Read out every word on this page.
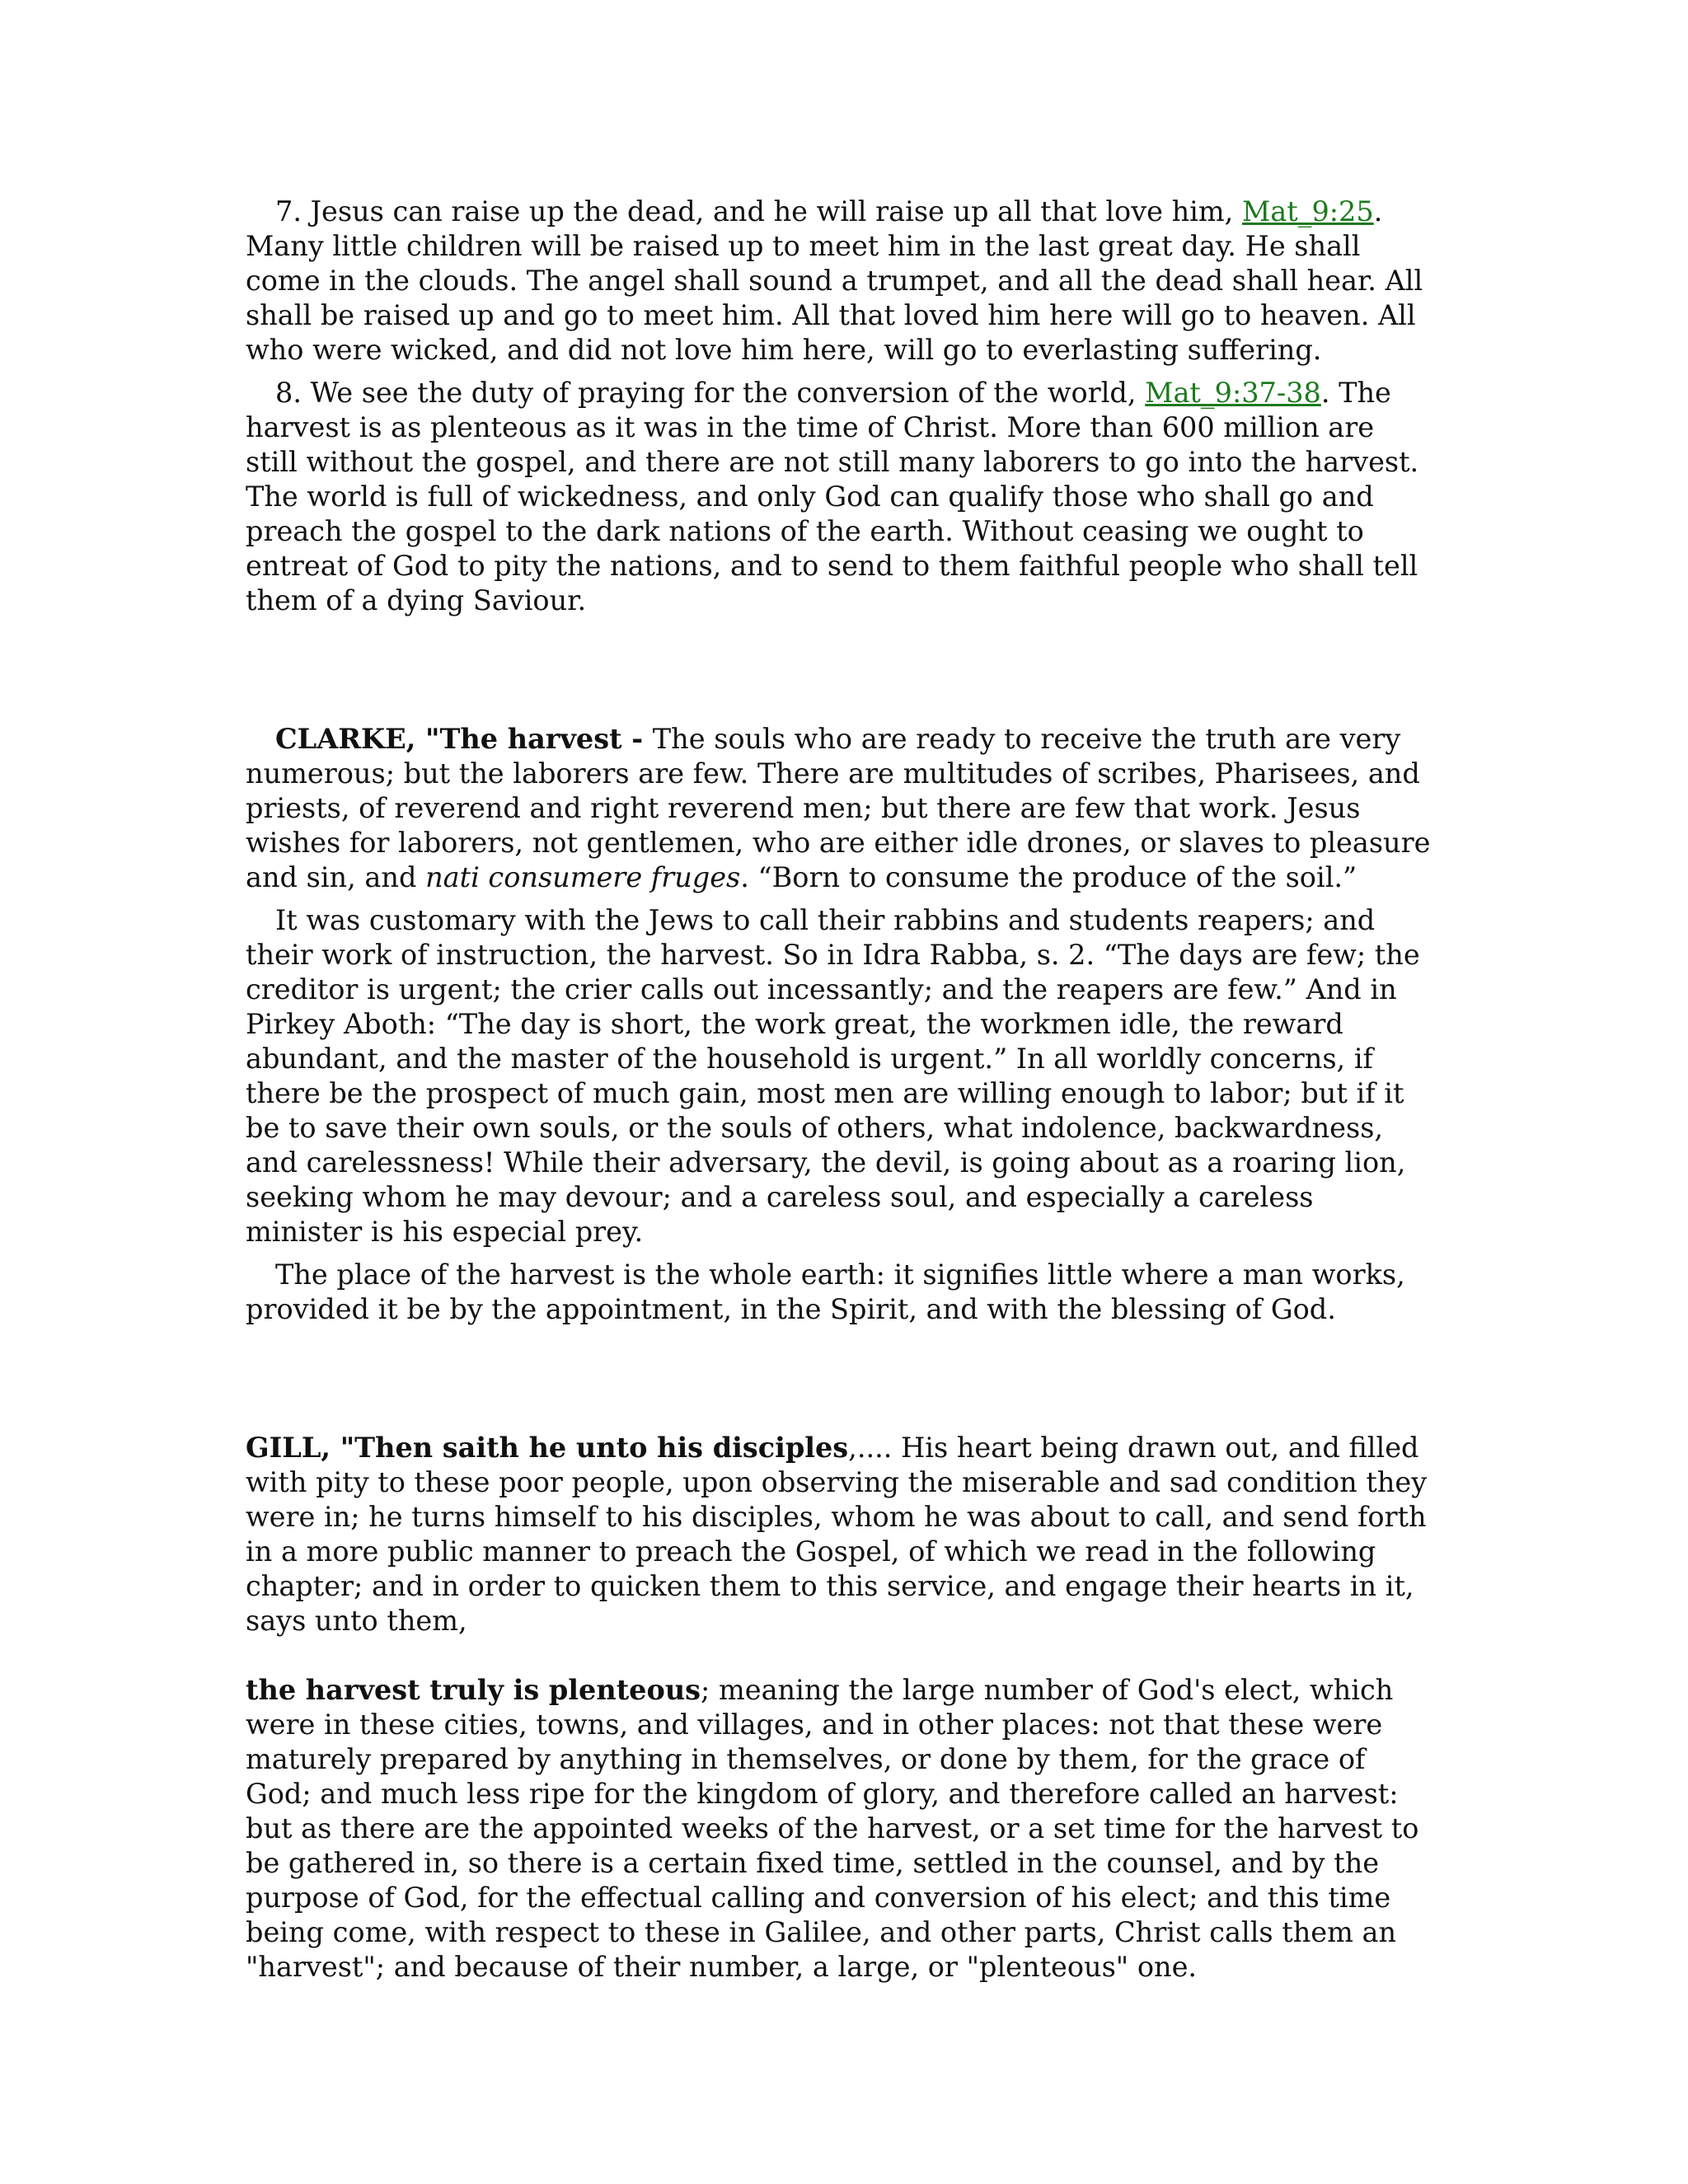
7. Jesus can raise up the dead, and he will raise up all that love him, Mat_9:25. Many little children will be raised up to meet him in the last great day. He shall come in the clouds. The angel shall sound a trumpet, and all the dead shall hear. All shall be raised up and go to meet him. All that loved him here will go to heaven. All who were wicked, and did not love him here, will go to everlasting suffering.

8. We see the duty of praying for the conversion of the world, Mat_9:37-38. The harvest is as plenteous as it was in the time of Christ. More than 600 million are still without the gospel, and there are not still many laborers to go into the harvest. The world is full of wickedness, and only God can qualify those who shall go and preach the gospel to the dark nations of the earth. Without ceasing we ought to entreat of God to pity the nations, and to send to them faithful people who shall tell them of a dying Saviour.

CLARKE, "The harvest - The souls who are ready to receive the truth are very numerous; but the laborers are few. There are multitudes of scribes, Pharisees, and priests, of reverend and right reverend men; but there are few that work. Jesus wishes for laborers, not gentlemen, who are either idle drones, or slaves to pleasure and sin, and nati consumere fruges. “Born to consume the produce of the soil.”

It was customary with the Jews to call their rabbins and students reapers; and their work of instruction, the harvest. So in Idra Rabba, s. 2. “The days are few; the creditor is urgent; the crier calls out incessantly; and the reapers are few.” And in Pirkey Aboth: “The day is short, the work great, the workmen idle, the reward abundant, and the master of the household is urgent.” In all worldly concerns, if there be the prospect of much gain, most men are willing enough to labor; but if it be to save their own souls, or the souls of others, what indolence, backwardness, and carelessness! While their adversary, the devil, is going about as a roaring lion, seeking whom he may devour; and a careless soul, and especially a careless minister is his especial prey.

The place of the harvest is the whole earth: it signifies little where a man works, provided it be by the appointment, in the Spirit, and with the blessing of God.

GILL, "Then saith he unto his disciples,.... His heart being drawn out, and filled with pity to these poor people, upon observing the miserable and sad condition they were in; he turns himself to his disciples, whom he was about to call, and send forth in a more public manner to preach the Gospel, of which we read in the following chapter; and in order to quicken them to this service, and engage their hearts in it, says unto them,

the harvest truly is plenteous; meaning the large number of God's elect, which were in these cities, towns, and villages, and in other places: not that these were maturely prepared by anything in themselves, or done by them, for the grace of God; and much less ripe for the kingdom of glory, and therefore called an harvest: but as there are the appointed weeks of the harvest, or a set time for the harvest to be gathered in, so there is a certain fixed time, settled in the counsel, and by the purpose of God, for the effectual calling and conversion of his elect; and this time being come, with respect to these in Galilee, and other parts, Christ calls them an "harvest"; and because of their number, a large, or "plenteous" one.
